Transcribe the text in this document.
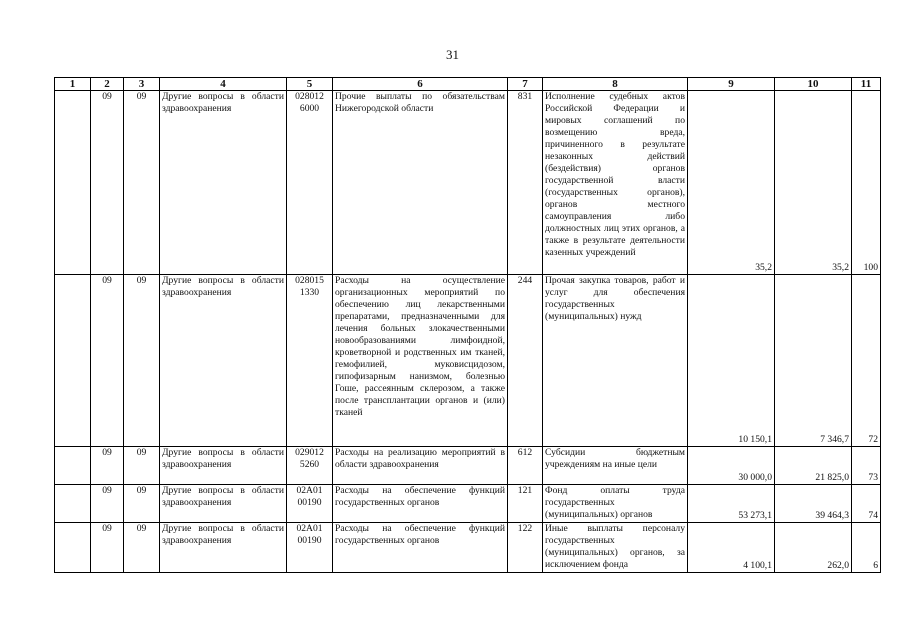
31
1	2	3	4	5	6	7	8	9	10	11
	09	09	Другие вопросы в области здравоохранения	028012 6000	Прочие выплаты по обязательствам Нижегородской области	831	Исполнение судебных актов Российской Федерации и мировых соглашений по возмещению вреда, причиненного в результате незаконных действий (бездействия) органов государственной власти (государственных органов), органов местного самоуправления либо должностных лиц этих органов, а также в результате деятельности казенных учреждений	35,2	35,2	100
	09	09	Другие вопросы в области здравоохранения	028015 1330	Расходы на осуществление организационных мероприятий по обеспечению лиц лекарственными препаратами, предназначенными для лечения больных злокачественными новообразованиями лимфоидной, кроветворной и родственных им тканей, гемофилией, муковисцидозом, гипофизарным нанизмом, болезнью Гоше, рассеянным склерозом, а также после трансплантации органов и (или) тканей	244	Прочая закупка товаров, работ и услуг для обеспечения государственных (муниципальных) нужд	10 150,1	7 346,7	72
	09	09	Другие вопросы в области здравоохранения	029012 5260	Расходы на реализацию мероприятий в области здравоохранения	612	Субсидии бюджетным учреждениям на иные цели	30 000,0	21 825,0	73
	09	09	Другие вопросы в области здравоохранения	02А01 00190	Расходы на обеспечение функций государственных органов	121	Фонд оплаты труда государственных (муниципальных) органов	53 273,1	39 464,3	74
	09	09	Другие вопросы в области здравоохранения	02А01 00190	Расходы на обеспечение функций государственных органов	122	Иные выплаты персоналу государственных (муниципальных) органов, за исключением фонда	4 100,1	262,0	6
